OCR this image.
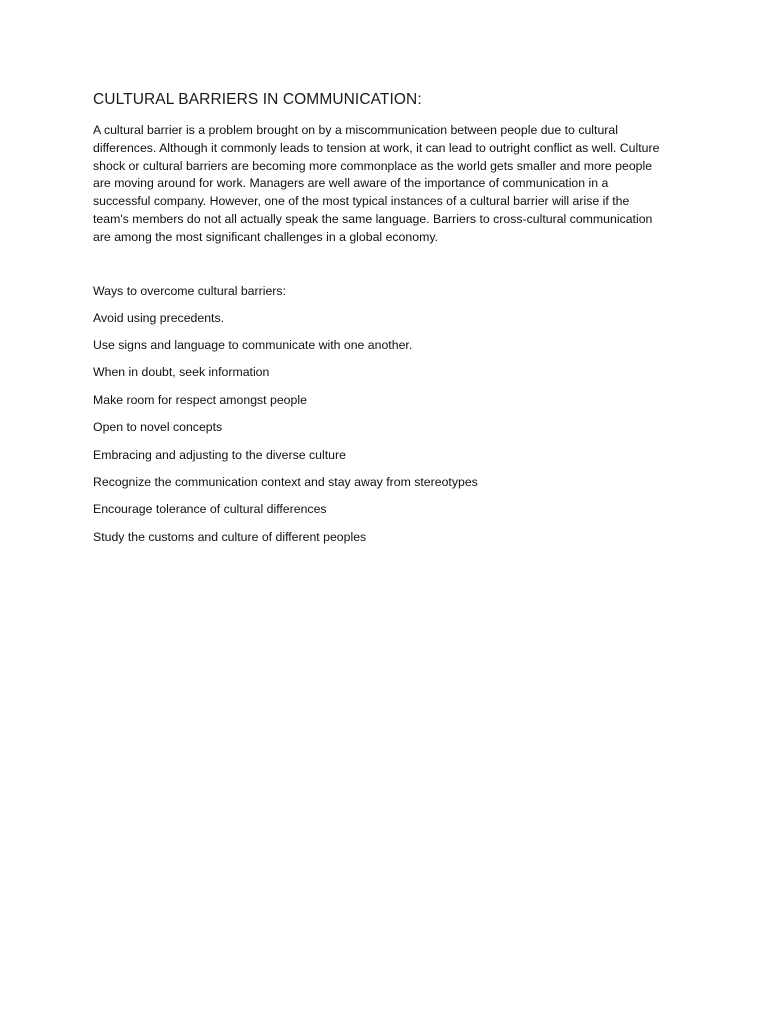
CULTURAL BARRIERS IN COMMUNICATION:

A cultural barrier is a problem brought on by a miscommunication between people due to cultural differences. Although it commonly leads to tension at work, it can lead to outright conflict as well. Culture shock or cultural barriers are becoming more commonplace as the world gets smaller and more people are moving around for work. Managers are well aware of the importance of communication in a successful company. However, one of the most typical instances of a cultural barrier will arise if the team's members do not all actually speak the same language. Barriers to cross-cultural communication are among the most significant challenges in a global economy.

Ways to overcome cultural barriers:

Avoid using precedents.
Use signs and language to communicate with one another.
When in doubt, seek information
Make room for respect amongst people
Open to novel concepts
Embracing and adjusting to the diverse culture
Recognize the communication context and stay away from stereotypes
Encourage tolerance of cultural differences
Study the customs and culture of different peoples
